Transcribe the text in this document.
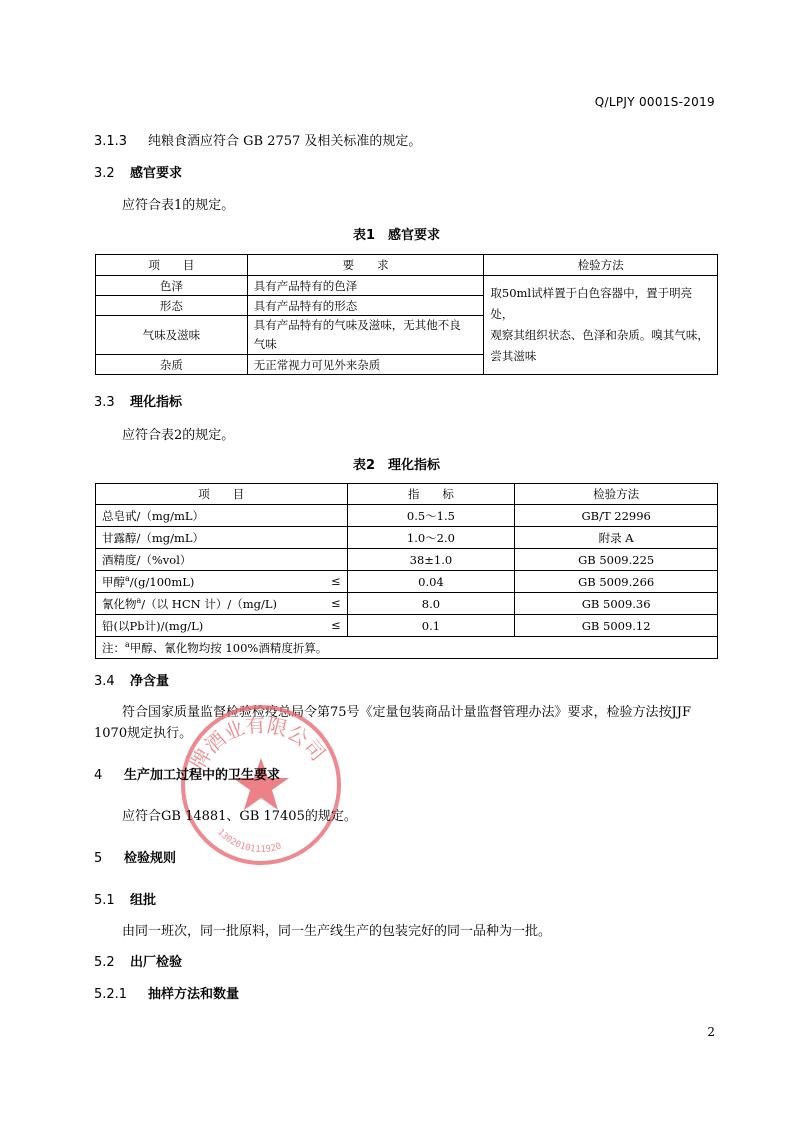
Q/LPJY 0001S-2019
3.1.3 纯粮食酒应符合 GB 2757 及相关标准的规定。
3.2 感官要求
应符合表1的规定。
表1　感官要求
项　　目	要　　求	检验方法
色泽	具有产品特有的色泽	取50ml试样置于白色容器中，置于明亮处，
观察其组织状态、色泽和杂质。嗅其气味，
尝其滋味

形态	具有产品特有的形态	
气味及滋味	具有产品特有的气味及滋味，无其他不良
气味	

杂质	无正常视力可见外来杂质	
3.3 理化指标
应符合表2的规定。
表2　理化指标
项　　目	指　　标	检验方法
总皂甙/（mg/mL）	0.5～1.5	GB/T 22996
甘露醇/（mg/mL）	1.0～2.0	附录 A
酒精度/（%vol）	38±1.0	GB 5009.225
甲醇$^a$/(g/100mL) ≤	0.04	GB 5009.266
氰化物$^a$/（以 HCN 计）/（mg/L) ≤	8.0	GB 5009.36
铅(以Pb计)/(mg/L) ≤	0.1	GB 5009.12
注：$^a$甲醇、氰化物均按 100%酒精度折算。		
3.4 净含量
符合国家质量监督检验检疫总局令第75号《定量包装商品计量监督管理办法》要求，检验方法按JJF
1070规定执行。
牌酒业有限公司
1302010111920
4 生产加工过程中的卫生要求
应符合GB 14881、GB 17405的规定。
5 检验规则
5.1 组批
由同一班次，同一批原料，同一生产线生产的包装完好的同一品种为一批。
5.2 出厂检验
5.2.1 抽样方法和数量
2
